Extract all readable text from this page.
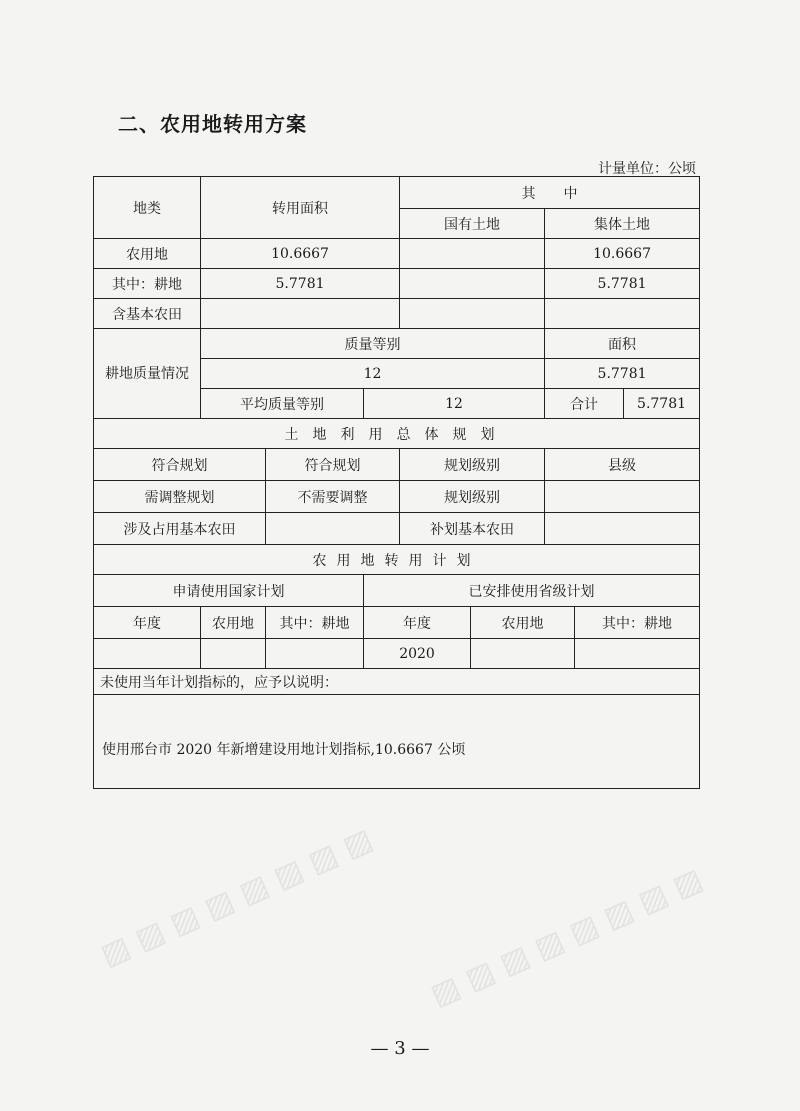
二、农用地转用方案
计量单位：公顷
地类	转用面积			其　　中				
				国有土地		集体土地		
农用地	10.6667					10.6667		
其中：耕地	5.7781					5.7781		
含基本农田								
耕地质量情况	质量等别					面积		
	12					5.7781		
	平均质量等别		12			合计		5.7781
土地利用总体规划								
符合规划		符合规划		规划级别		县级		
需调整规划		不需要调整		规划级别				
涉及占用基本农田				补划基本农田				
农用地转用计划								
申请使用国家计划			已安排使用省级计划					
年度	农用地	其中：耕地	年度		农用地		其中：耕地	
			2020					
未使用当年计划指标的，应予以说明：								

使用邢台市 2020 年新增建设用地计划指标,10.6667 公顷								
▨ ▨ ▨ ▨ ▨ ▨ ▨ ▨ ▨ ▨ ▨ ▨ ▨ ▨ ▨ ▨
— 3 —
